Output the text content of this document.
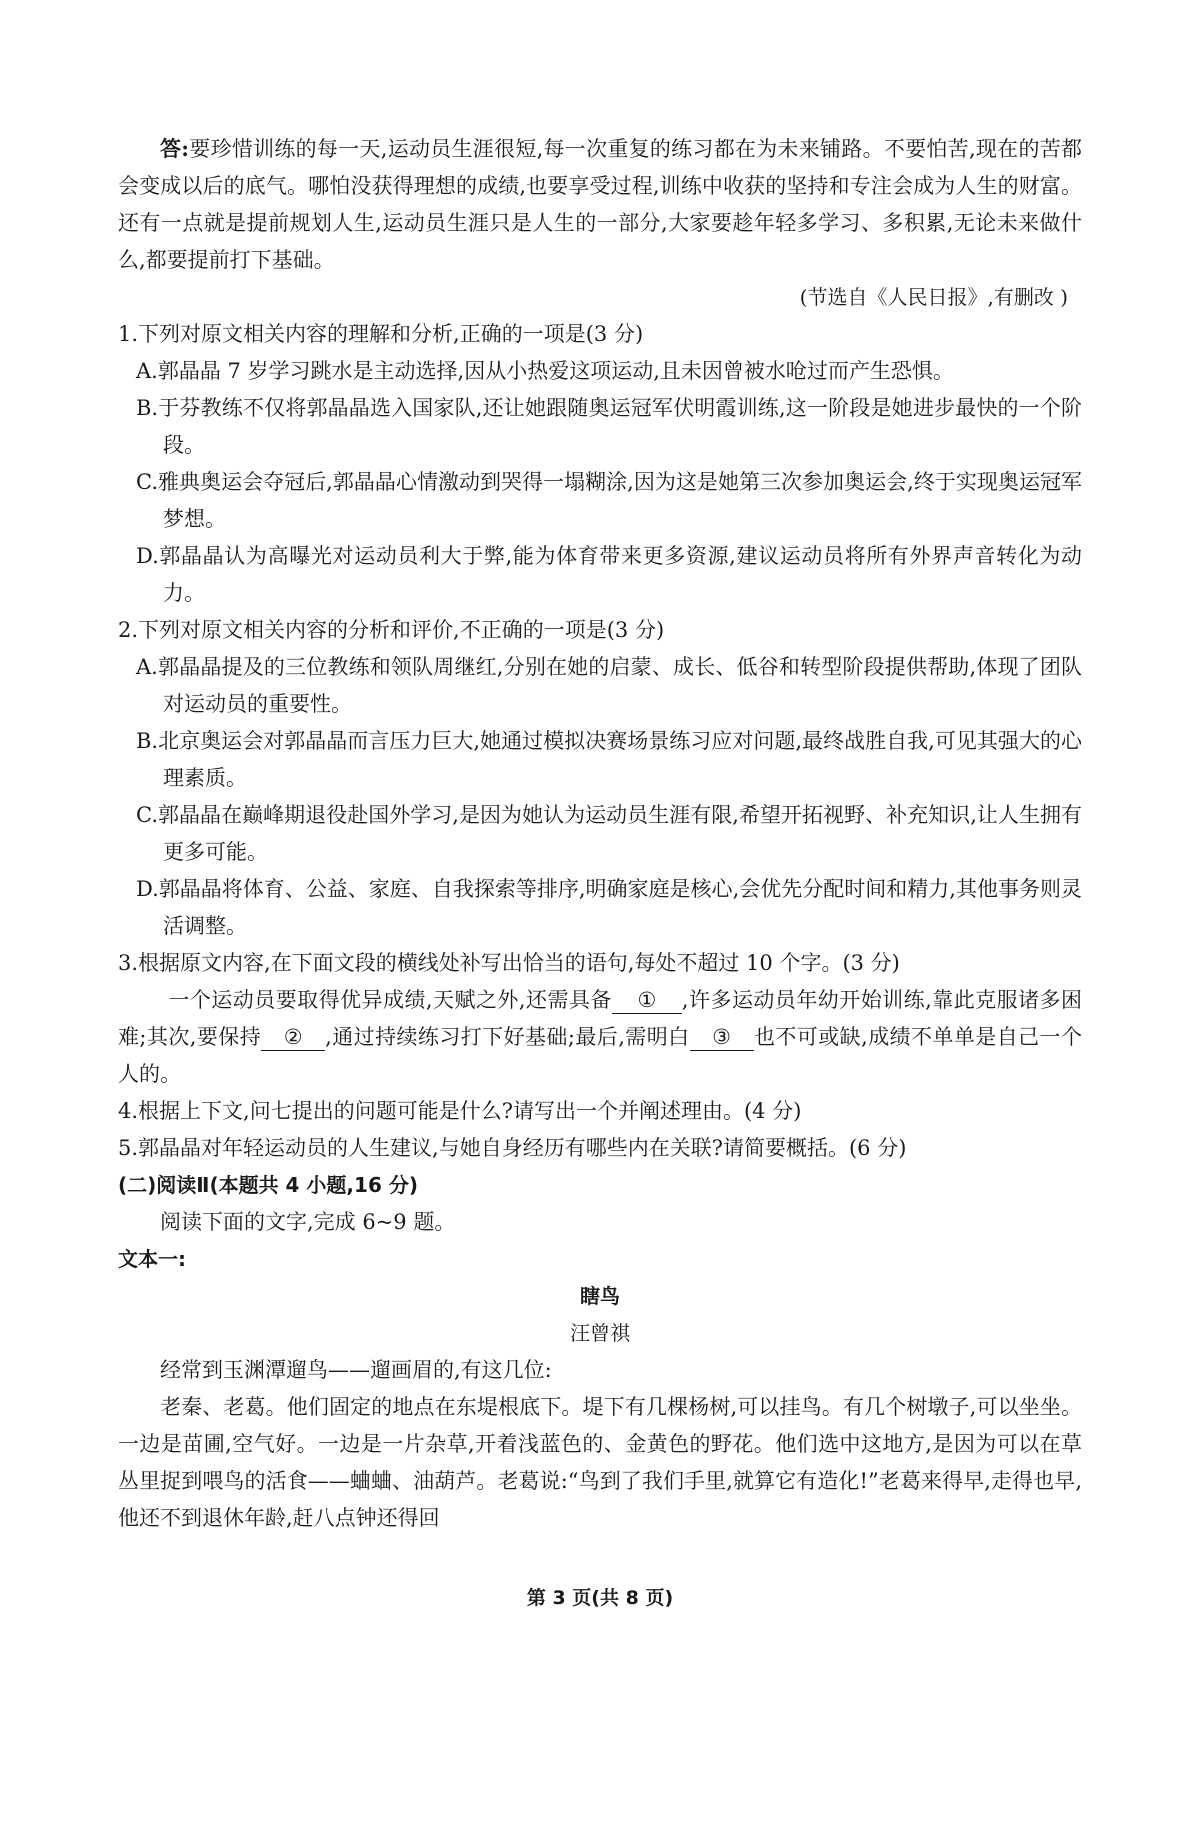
答:要珍惜训练的每一天,运动员生涯很短,每一次重复的练习都在为未来铺路。不要怕苦,现在的苦都会变成以后的底气。哪怕没获得理想的成绩,也要享受过程,训练中收获的坚持和专注会成为人生的财富。还有一点就是提前规划人生,运动员生涯只是人生的一部分,大家要趁年轻多学习、多积累,无论未来做什么,都要提前打下基础。

(节选自《人民日报》,有删改 )

1.下列对原文相关内容的理解和分析,正确的一项是(3 分)

A.郭晶晶 7 岁学习跳水是主动选择,因从小热爱这项运动,且未因曾被水呛过而产生恐惧。

B.于芬教练不仅将郭晶晶选入国家队,还让她跟随奥运冠军伏明霞训练,这一阶段是她进步最快的一个阶段。

C.雅典奥运会夺冠后,郭晶晶心情激动到哭得一塌糊涂,因为这是她第三次参加奥运会,终于实现奥运冠军梦想。

D.郭晶晶认为高曝光对运动员利大于弊,能为体育带来更多资源,建议运动员将所有外界声音转化为动力。

2.下列对原文相关内容的分析和评价,不正确的一项是(3 分)

A.郭晶晶提及的三位教练和领队周继红,分别在她的启蒙、成长、低谷和转型阶段提供帮助,体现了团队对运动员的重要性。

B.北京奥运会对郭晶晶而言压力巨大,她通过模拟决赛场景练习应对问题,最终战胜自我,可见其强大的心理素质。

C.郭晶晶在巅峰期退役赴国外学习,是因为她认为运动员生涯有限,希望开拓视野、补充知识,让人生拥有更多可能。

D.郭晶晶将体育、公益、家庭、自我探索等排序,明确家庭是核心,会优先分配时间和精力,其他事务则灵活调整。

3.根据原文内容,在下面文段的横线处补写出恰当的语句,每处不超过 10 个字。(3 分)

一个运动员要取得优异成绩,天赋之外,还需具备 ① ,许多运动员年幼开始训练,靠此克服诸多困难;其次,要保持 ② ,通过持续练习打下好基础;最后,需明白 ③ 也不可或缺,成绩不单单是自己一个人的。

4.根据上下文,问七提出的问题可能是什么?请写出一个并阐述理由。(4 分)

5.郭晶晶对年轻运动员的人生建议,与她自身经历有哪些内在关联?请简要概括。(6 分)

(二)阅读Ⅱ(本题共 4 小题,16 分)

阅读下面的文字,完成 6~9 题。

文本一:

瞎鸟

汪曾祺

经常到玉渊潭遛鸟——遛画眉的,有这几位:

老秦、老葛。他们固定的地点在东堤根底下。堤下有几棵杨树,可以挂鸟。有几个树墩子,可以坐坐。一边是苗圃,空气好。一边是一片杂草,开着浅蓝色的、金黄色的野花。他们选中这地方,是因为可以在草丛里捉到喂鸟的活食——蛐蛐、油葫芦。老葛说:“鸟到了我们手里,就算它有造化!”老葛来得早,走得也早,他还不到退休年龄,赶八点钟还得回

第 3 页(共 8 页)
